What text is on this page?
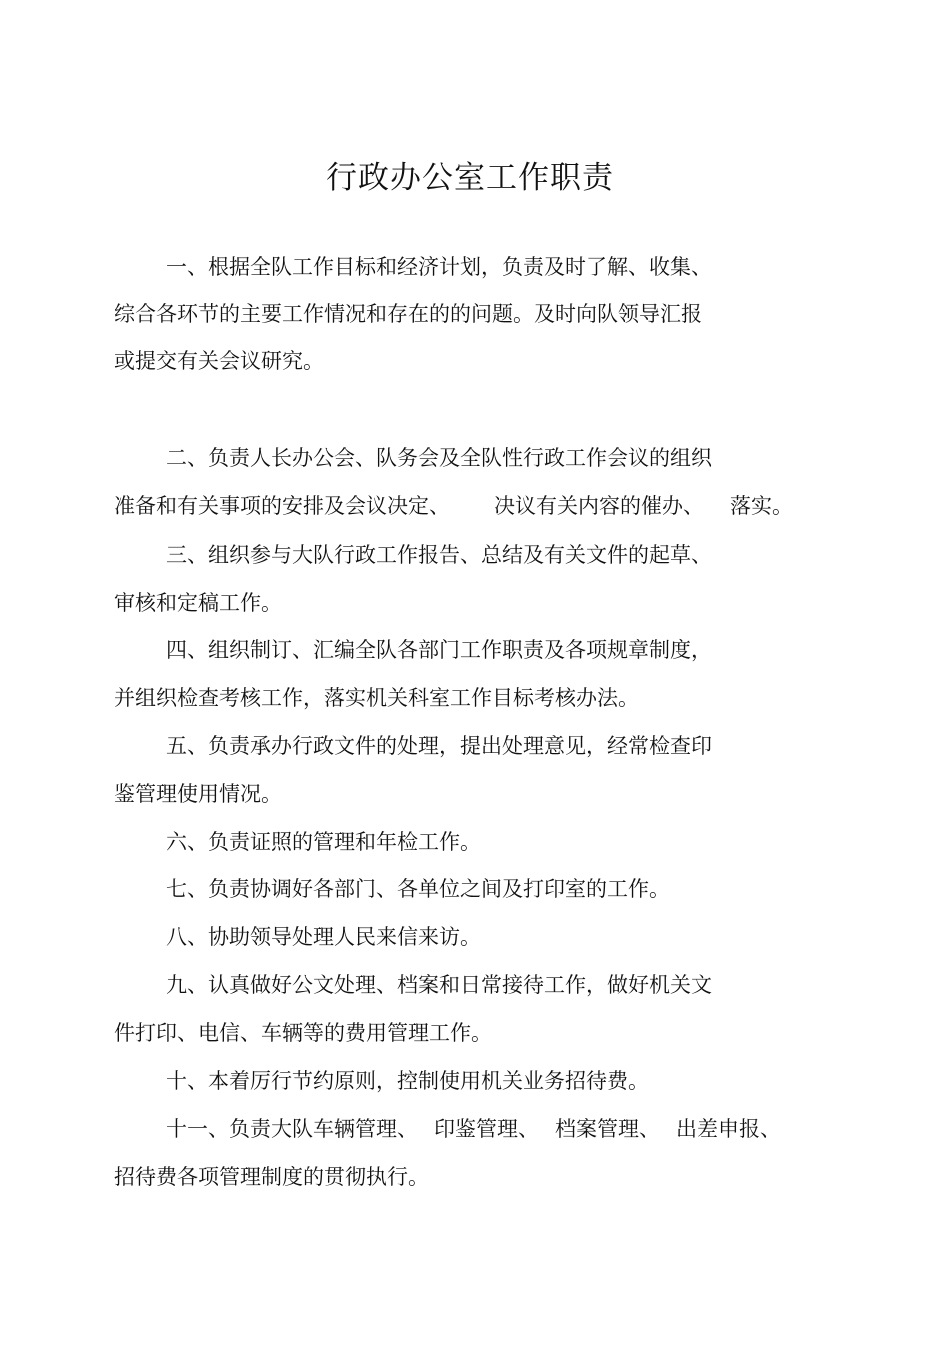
行政办公室工作职责
一、根据全队工作目标和经济计划，负责及时了解、收集、
综合各环节的主要工作情况和存在的的问题。及时向队领导汇报
或提交有关会议研究。
二、负责人长办公会、队务会及全队性行政工作会议的组织
准备和有关事项的安排及会议决定、 决议有关内容的催办、 落实。
三、组织参与大队行政工作报告、总结及有关文件的起草、
审核和定稿工作。
四、组织制订、汇编全队各部门工作职责及各项规章制度，
并组织检查考核工作，落实机关科室工作目标考核办法。
五、负责承办行政文件的处理，提出处理意见，经常检查印
鉴管理使用情况。
六、负责证照的管理和年检工作。
七、负责协调好各部门、各单位之间及打印室的工作。
八、协助领导处理人民来信来访。
九、认真做好公文处理、档案和日常接待工作，做好机关文
件打印、电信、车辆等的费用管理工作。
十、本着厉行节约原则，控制使用机关业务招待费。
十一、负责大队车辆管理、 印鉴管理、 档案管理、 出差申报、
招待费各项管理制度的贯彻执行。
